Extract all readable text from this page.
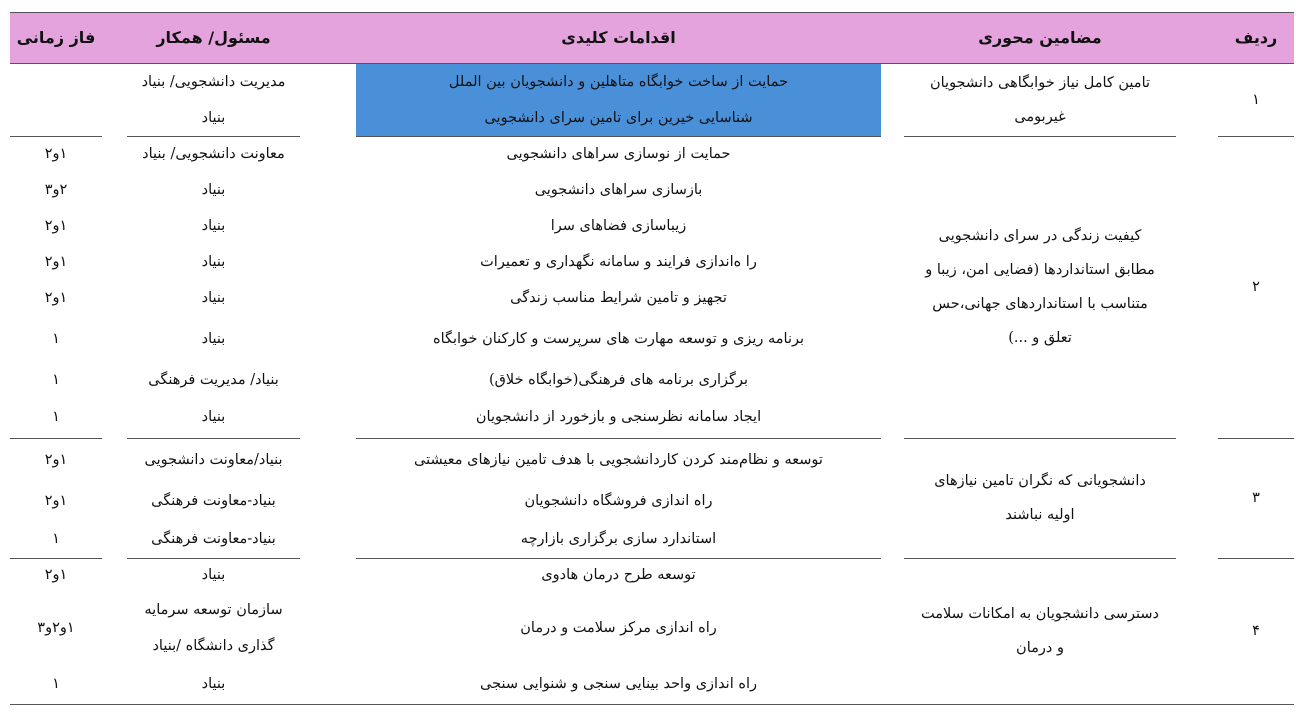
ردیف
مضامین محوری
اقدامات کلیدی
مسئول/ همکار
فاز زمانی
۱
تامین کامل نیاز خوابگاهی دانشجویان
غیربومی
حمایت از ساخت خوابگاه متاهلین و دانشجویان بین الملل
شناسایی خیرین برای تامین سرای دانشجویی
مدیریت دانشجویی/ بنیاد
بنیاد
۲
کیفیت زندگی در سرای دانشجویی
مطابق استانداردها (فضایی امن، زیبا و
متناسب با استانداردهای جهانی،حس
تعلق و ...)
حمایت از نوسازی سراهای دانشجویی
معاونت دانشجویی/ بنیاد
۱و۲
بازسازی سراهای دانشجویی
بنیاد
۲و۳
زیباسازی فضاهای سرا
بنیاد
۱و۲
را ه‌اندازی فرایند و سامانه نگهداری و تعمیرات
بنیاد
۱و۲
تجهیز و تامین شرایط مناسب زندگی
بنیاد
۱و۲
برنامه ریزی و توسعه مهارت های سرپرست و کارکنان خوابگاه
بنیاد
۱
برگزاری برنامه های فرهنگی(خوابگاه خلاق)
بنیاد/ مدیریت فرهنگی
۱
ایجاد سامانه نظرسنجی و بازخورد از دانشجویان
بنیاد
۱
۳
دانشجویانی که نگران تامین نیازهای
اولیه نباشند
توسعه و نظام‌مند کردن کاردانشجویی با هدف تامین نیازهای معیشتی
بنیاد/معاونت دانشجویی
۱و۲
راه اندازی فروشگاه دانشجویان
بنیاد-معاونت فرهنگی
۱و۲
استاندارد سازی برگزاری بازارچه
بنیاد-معاونت فرهنگی
۱
۴
دسترسی دانشجویان به امکانات سلامت
و درمان
توسعه طرح درمان هادوی
بنیاد
۱و۲
راه اندازی مرکز سلامت و درمان
سازمان توسعه سرمایه
گذاری دانشگاه /بنیاد
۱و۲و۳
راه اندازی واحد بینایی سنجی و شنوایی سنجی
بنیاد
۱
